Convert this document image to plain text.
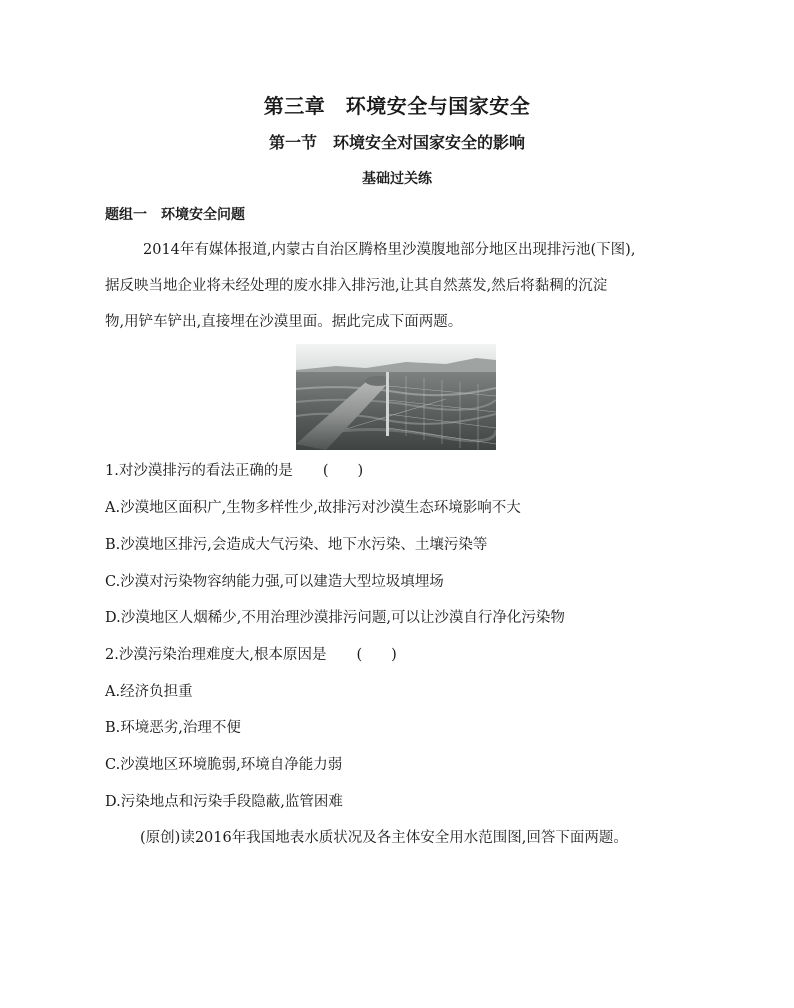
第三章　环境安全与国家安全
第一节　环境安全对国家安全的影响
基础过关练
题组一　环境安全问题
2014年有媒体报道,内蒙古自治区腾格里沙漠腹地部分地区出现排污池(下图),
据反映当地企业将未经处理的废水排入排污池,让其自然蒸发,然后将黏稠的沉淀
物,用铲车铲出,直接埋在沙漠里面。据此完成下面两题。
1.对沙漠排污的看法正确的是 (　　)
A.沙漠地区面积广,生物多样性少,故排污对沙漠生态环境影响不大
B.沙漠地区排污,会造成大气污染、地下水污染、土壤污染等
C.沙漠对污染物容纳能力强,可以建造大型垃圾填埋场
D.沙漠地区人烟稀少,不用治理沙漠排污问题,可以让沙漠自行净化污染物
2.沙漠污染治理难度大,根本原因是 (　　)
A.经济负担重
B.环境恶劣,治理不便
C.沙漠地区环境脆弱,环境自净能力弱
D.污染地点和污染手段隐蔽,监管困难
(原创)读2016年我国地表水质状况及各主体安全用水范围图,回答下面两题。
